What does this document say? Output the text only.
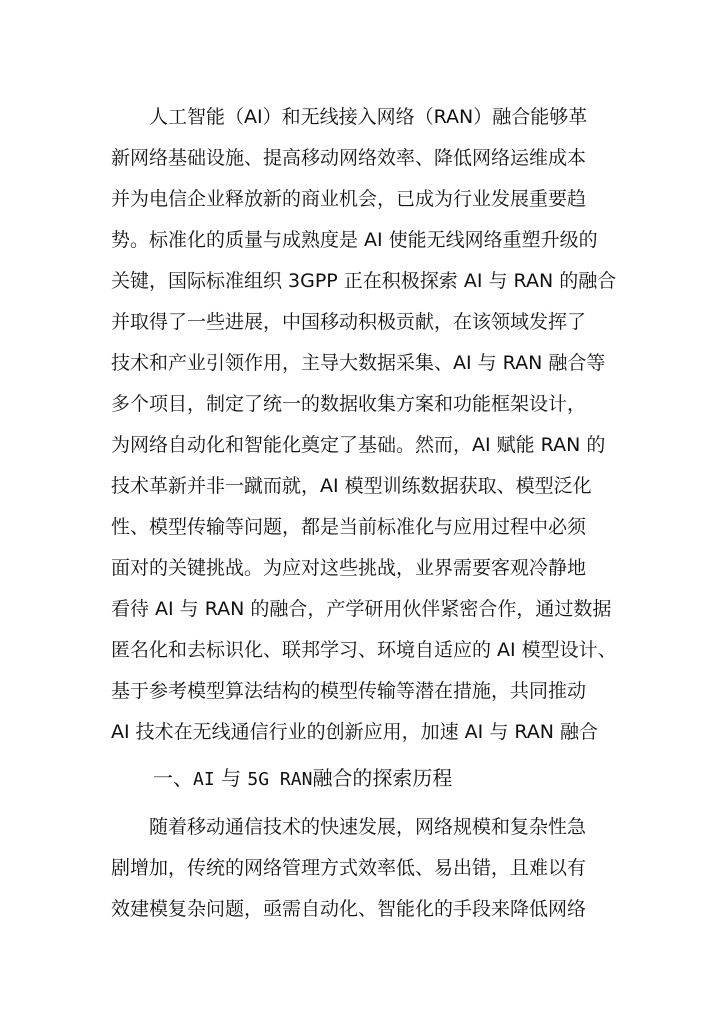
人工智能（AI）和无线接入网络（RAN）融合能够革
新网络基础设施、提高移动网络效率、降低网络运维成本
并为电信企业释放新的商业机会，已成为行业发展重要趋
势。标准化的质量与成熟度是 AI 使能无线网络重塑升级的
关键，国际标准组织 3GPP 正在积极探索 AI 与 RAN 的融合
并取得了一些进展，中国移动积极贡献，在该领域发挥了
技术和产业引领作用，主导大数据采集、AI 与 RAN 融合等
多个项目，制定了统一的数据收集方案和功能框架设计，
为网络自动化和智能化奠定了基础。然而，AI 赋能 RAN 的
技术革新并非一蹴而就，AI 模型训练数据获取、模型泛化
性、模型传输等问题，都是当前标准化与应用过程中必须
面对的关键挑战。为应对这些挑战，业界需要客观冷静地
看待 AI 与 RAN 的融合，产学研用伙伴紧密合作，通过数据
匿名化和去标识化、联邦学习、环境自适应的 AI 模型设计、
基于参考模型算法结构的模型传输等潜在措施，共同推动
AI 技术在无线通信行业的创新应用，加速 AI 与 RAN 融合
一、AI 与 5G RAN融合的探索历程
随着移动通信技术的快速发展，网络规模和复杂性急
剧增加，传统的网络管理方式效率低、易出错，且难以有
效建模复杂问题，亟需自动化、智能化的手段来降低网络
